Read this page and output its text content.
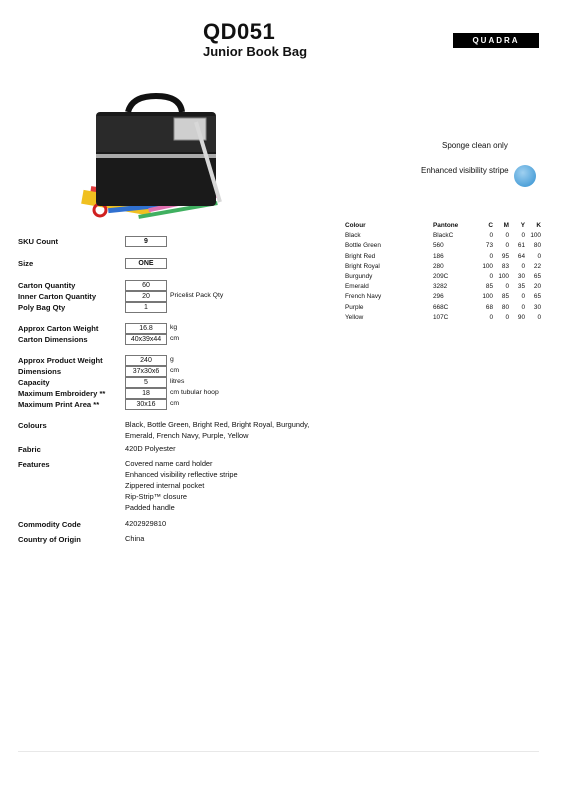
QD051
Junior Book Bag
QUADRA
Sponge clean only
Enhanced visibility stripe
SKU Count	9
Size	ONE
Carton Quantity	60
Inner Carton Quantity	20	Pricelist Pack Qty
Poly Bag Qty	1
Approx Carton Weight	16.8	kg
Carton Dimensions	40x39x44	cm
Approx Product Weight	240	g
Dimensions	37x30x6	cm
Capacity	5	litres
Maximum Embroidery **	18	cm tubular hoop
Maximum Print Area **	30x16	cm
Colours	Black, Bottle Green, Bright Red, Bright Royal, Burgundy, Emerald, French Navy, Purple, Yellow
Fabric	420D Polyester
Features	Covered name card holder
Enhanced visibility reflective stripe
Zippered internal pocket
Rip-Strip™ closure
Padded handle
Commodity Code	4202929810
Country of Origin	China
Colour	Pantone	C	M	Y	K
Black	BlackC	0	0	0	100
Bottle Green	560	73	0	61	80
Bright Red	186	0	95	64	0
Bright Royal	280	100	83	0	22
Burgundy	209C	0	100	30	65
Emerald	3282	85	0	35	20
French Navy	296	100	85	0	65
Purple	668C	68	80	0	30
Yellow	107C	0	0	90	0
